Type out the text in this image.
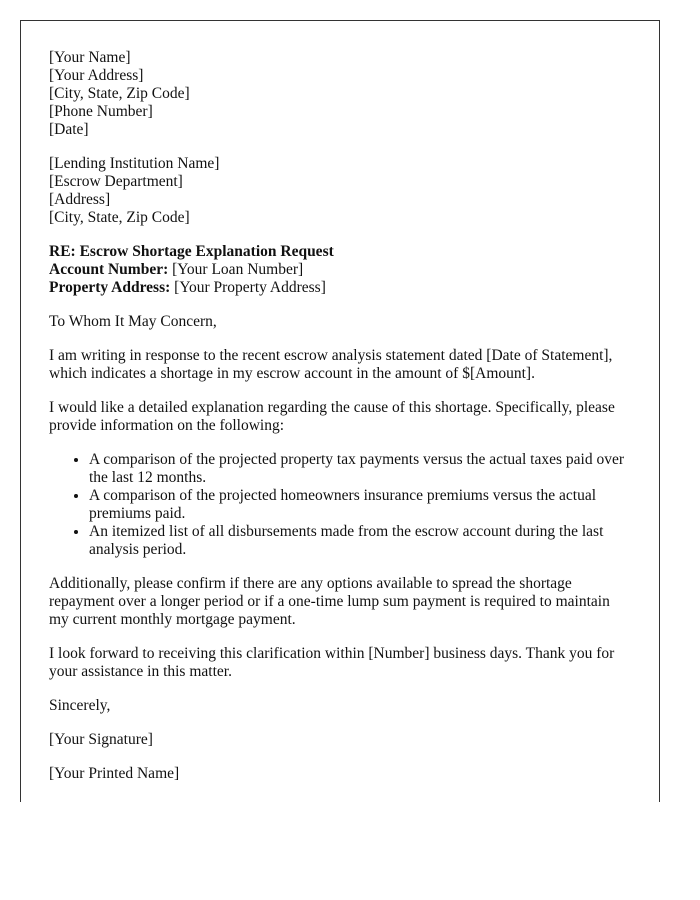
[Your Name]
[Your Address]
[City, State, Zip Code]
[Phone Number]
[Date]
[Lending Institution Name]
[Escrow Department]
[Address]
[City, State, Zip Code]
RE: Escrow Shortage Explanation Request
Account Number: [Your Loan Number]
Property Address: [Your Property Address]

To Whom It May Concern,

I am writing in response to the recent escrow analysis statement dated [Date of Statement], which indicates a shortage in my escrow account in the amount of $[Amount].

I would like a detailed explanation regarding the cause of this shortage. Specifically, please provide information on the following:

• A comparison of the projected property tax payments versus the actual taxes paid over the last 12 months.
• A comparison of the projected homeowners insurance premiums versus the actual premiums paid.
• An itemized list of all disbursements made from the escrow account during the last analysis period.

Additionally, please confirm if there are any options available to spread the shortage repayment over a longer period or if a one-time lump sum payment is required to maintain my current monthly mortgage payment.

I look forward to receiving this clarification within [Number] business days. Thank you for your assistance in this matter.

Sincerely,

[Your Signature]

[Your Printed Name]
